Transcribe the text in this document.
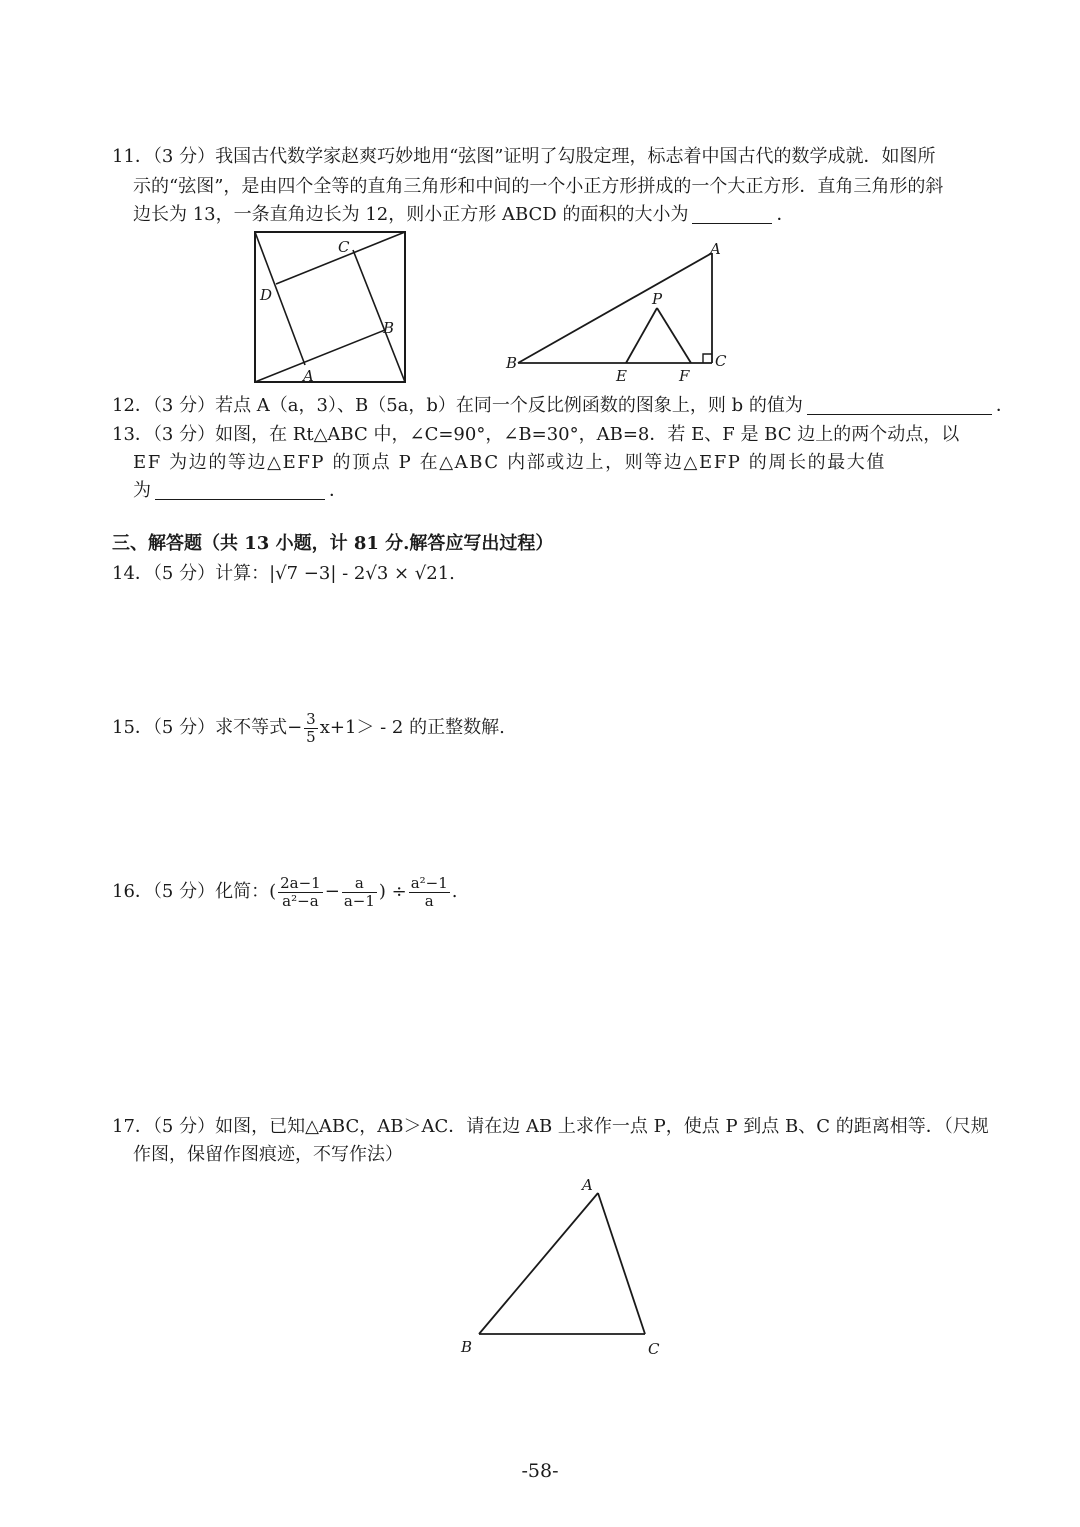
11．（3 分）我国古代数学家赵爽巧妙地用“弦图”证明了勾股定理，标志着中国古代的数学成就．如图所
示的“弦图”，是由四个全等的直角三角形和中间的一个小正方形拼成的一个大正方形．直角三角形的斜
边长为 13，一条直角边长为 12，则小正方形 ABCD 的面积的大小为	．
C
D
B
A
A
B	C
P
E	F
12．（3 分）若点 A（a，3）、B（5a，b）在同一个反比例函数的图象上，则 b 的值为	．
13．（3 分）如图，在 Rt△ABC 中，∠C=90°，∠B=30°，AB=8．若 E、F 是 BC 边上的两个动点，以
EF 为边的等边△EFP 的顶点 P 在△ABC 内部或边上，则等边△EFP 的周长的最大值
为	．
三、解答题（共 13 小题，计 81 分.解答应写出过程）
14．（5 分）计算：|√7 −3| - 2√3 × √21.
15．（5 分）求不等式− $\frac{3}{5} x+1> - 2$ 的正整数解.
16．（5 分）化简：( $\frac{2a-1}{\text{a²−a}} - \frac{a}{a-1}$ ) ÷ $\frac{\text{a²−1}}{a}$ .
17．（5 分）如图，已知△ABC，AB＞AC．请在边 AB 上求作一点 P，使点 P 到点 B、C 的距离相等．（尺规
作图，保留作图痕迹，不写作法）
A
B	C
-58-
